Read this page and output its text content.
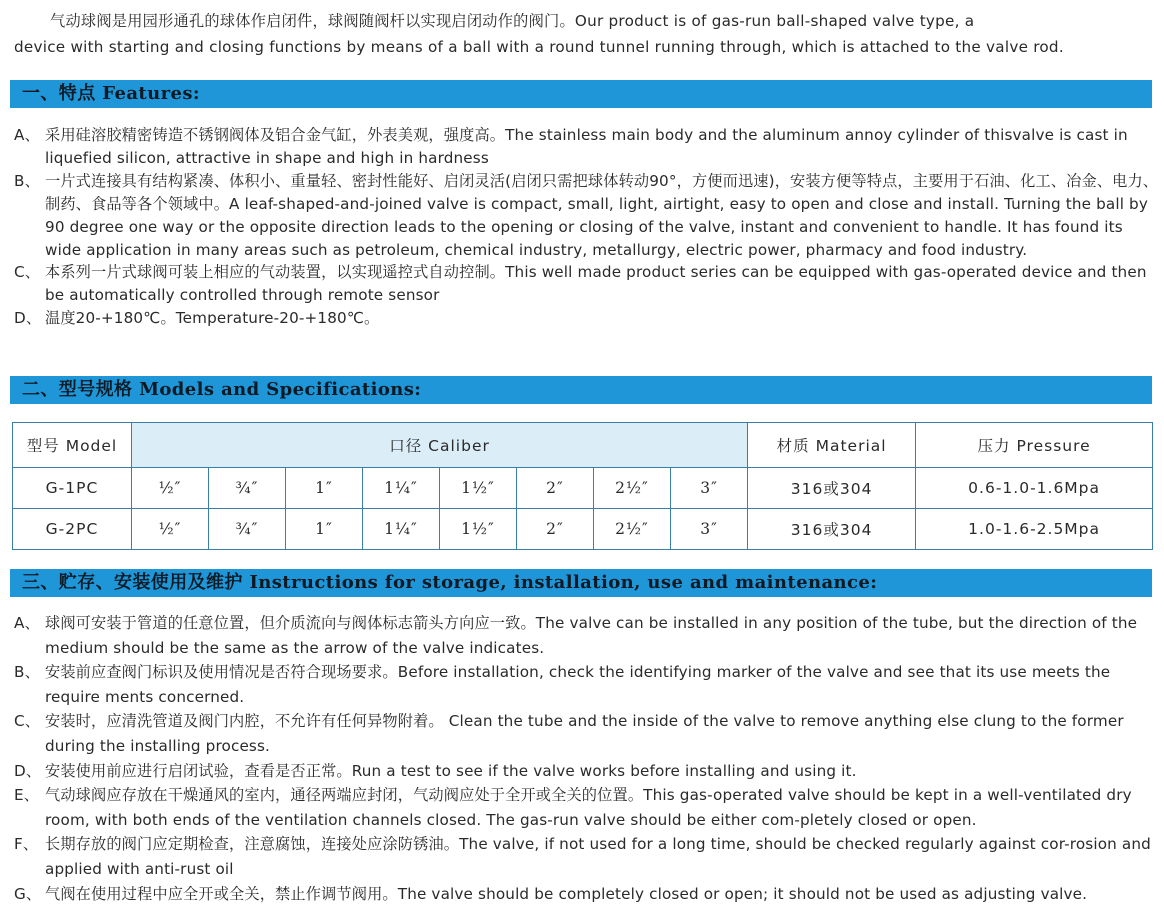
气动球阀是用园形通孔的球体作启闭件，球阀随阀杆以实现启闭动作的阀门。Our product is of gas-run ball-shaped valve type, a

device with starting and closing functions by means of a ball with a round tunnel running through, which is attached to the valve rod.

一、特点 Features:
A、 采用硅溶胶精密铸造不锈钢阀体及铝合金气缸，外表美观，强度高。The stainless main body and the aluminum annoy cylinder of thisvalve is cast in liquefied silicon, attractive in shape and high in hardness
B、 一片式连接具有结构紧凑、体积小、重量轻、密封性能好、启闭灵活(启闭只需把球体转动90°，方便而迅速)，安装方便等特点，主要用于石油、化工、冶金、电力、制药、食品等各个领域中。A leaf-shaped-and-joined valve is compact, small, light, airtight, easy to open and close and install. Turning the ball by 90 degree one way or the opposite direction leads to the opening or closing of the valve, instant and convenient to handle. It has found its wide application in many areas such as petroleum, chemical industry, metallurgy, electric power, pharmacy and food industry.
C、 本系列一片式球阀可装上相应的气动装置，以实现遥控式自动控制。This well made product series can be equipped with gas-operated device and then be automatically controlled through remote sensor
D、 温度20-+180℃。Temperature-20-+180℃。
二、型号规格 Models and Specifications:
型号 Model	口径 Caliber								材质 Material	压力 Pressure
G-1PC	½″	¾″	1″	1¼″	1½″	2″	2½″	3″	316或304	0.6-1.0-1.6Mpa
G-2PC	½″	¾″	1″	1¼″	1½″	2″	2½″	3″	316或304	1.0-1.6-2.5Mpa
三、贮存、安装使用及维护 Instructions for storage, installation, use and maintenance:
A、 球阀可安装于管道的任意位置，但介质流向与阀体标志箭头方向应一致。The valve can be installed in any position of the tube, but the direction of the medium should be the same as the arrow of the valve indicates.
B、 安装前应查阀门标识及使用情况是否符合现场要求。Before installation, check the identifying marker of the valve and see that its use meets the require ments concerned.
C、 安装时，应清洗管道及阀门内腔，不允许有任何异物附着。 Clean the tube and the inside of the valve to remove anything else clung to the former during the installing process.
D、 安装使用前应进行启闭试验，查看是否正常。Run a test to see if the valve works before installing and using it.
E、 气动球阀应存放在干燥通风的室内，通径两端应封闭，气动阀应处于全开或全关的位置。This gas-operated valve should be kept in a well-ventilated dry room, with both ends of the ventilation channels closed. The gas-run valve should be either com-pletely closed or open.
F、 长期存放的阀门应定期检查，注意腐蚀，连接处应涂防锈油。The valve, if not used for a long time, should be checked regularly against cor-rosion and applied with anti-rust oil
G、 气阀在使用过程中应全开或全关，禁止作调节阀用。The valve should be completely closed or open; it should not be used as adjusting valve.
